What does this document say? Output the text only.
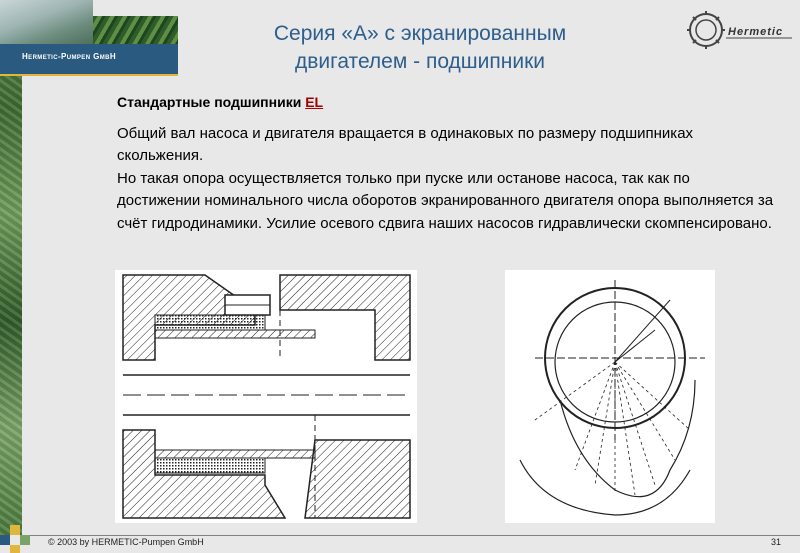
Hermetic-Pumpen GmbH
Серия «А» с экранированным
двигателем - подшипники
Hermetic
Стандартные подшипники EL

Общий вал насоса и двигателя вращается в одинаковых по размеру подшипниках скольжения.

Но такая опора осуществляется только при пуске или останове насоса, так как по достижении номинального числа оборотов экранированного двигателя опора выполняется за счёт гидродинамики. Усилие осевого сдвига наших насосов гидравлически скомпенсировано.

© 2003 by HERMETIC-Pumpen GmbH	31
